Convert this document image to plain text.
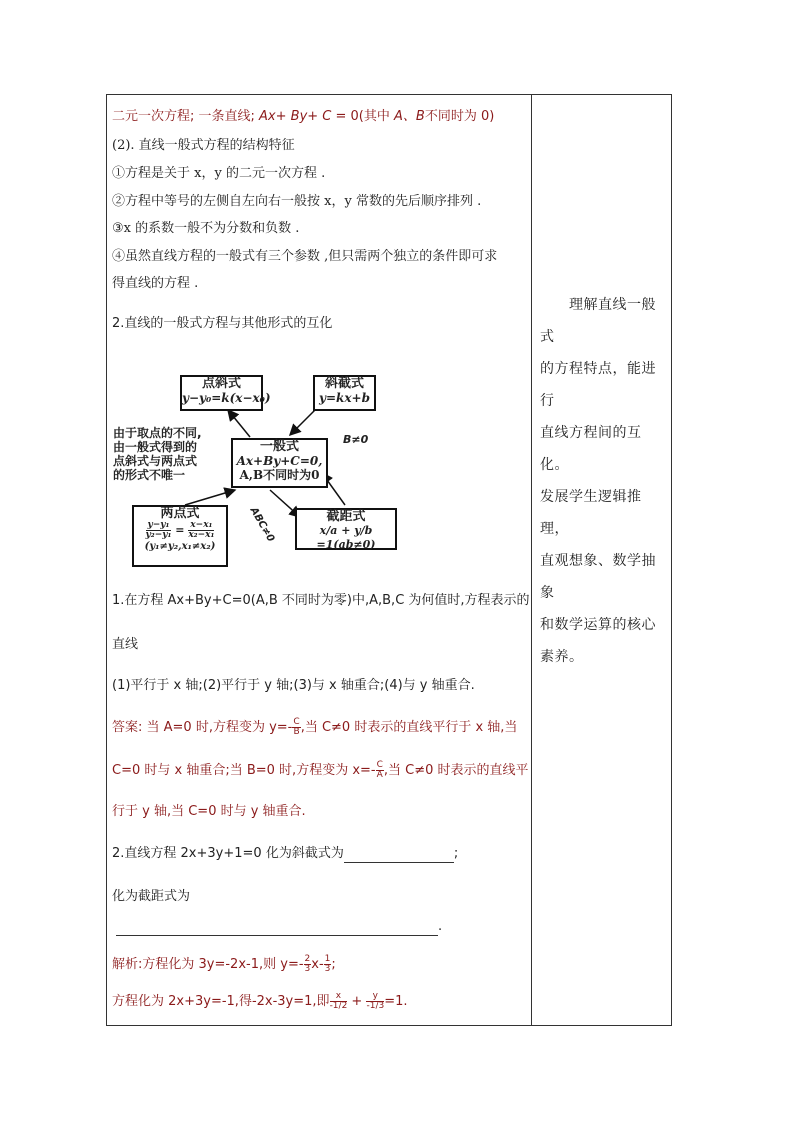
二元一次方程; 一条直线; Ax+ By+ C = 0(其中 A、B不同时为 0)
(2). 直线一般式方程的结构特征
①方程是关于 x，y 的二元一次方程 .
②方程中等号的左侧自左向右一般按 x，y 常数的先后顺序排列 .
③x 的系数一般不为分数和负数 .
④虽然直线方程的一般式有三个参数 ,但只需两个独立的条件即可求
得直线的方程 .
2.直线的一般式方程与其他形式的互化
点斜式
y−y₀=k(x−x₀)
斜截式
y=kx+b
一般式
Ax+By+C=0,
A,B不同时为0
两点式
$\frac{\text{y−y₁}}{\text{y₂−y₁}} = \frac{\text{x−x₁}}{\text{x₂−x₁}}$
(y₁≠y₂,x₁≠x₂)
截距式
x/a + y/b =1(ab≠0)
由于取点的不同,
由一般式得到的
点斜式与两点式
的形式不唯一
B≠0
ABC≠0
1.在方程 Ax+By+C=0(A,B 不同时为零)中,A,B,C 为何值时,方程表示的
直线
(1)平行于 x 轴;(2)平行于 y 轴;(3)与 x 轴重合;(4)与 y 轴重合.
答案: 当 A=0 时,方程变为 $y=- \frac{C}{B}$ ,当 C≠0 时表示的直线平行于 x 轴,当
C=0 时与 x 轴重合;当 B=0 时,方程变为 $x=- \frac{C}{A}$ ,当 C≠0 时表示的直线平
行于 y 轴,当 C=0 时与 y 轴重合.
2.直线方程 2x+3y+1=0 化为斜截式为	;
化为截距式为
.
解析:方程化为 3y=-2x-1,则 $y=- \frac{2}{3} x- \frac{1}{3}$ ;
方程化为 2x+3y=-1,得-2x-3y=1,即 $\frac{x}{-1/2} + \frac{y}{-1/3} =1$.
　　理解直线一般式
的方程特点，能进行
直线方程间的互化。
发展学生逻辑推理，
直观想象、数学抽象
和数学运算的核心
素养。
